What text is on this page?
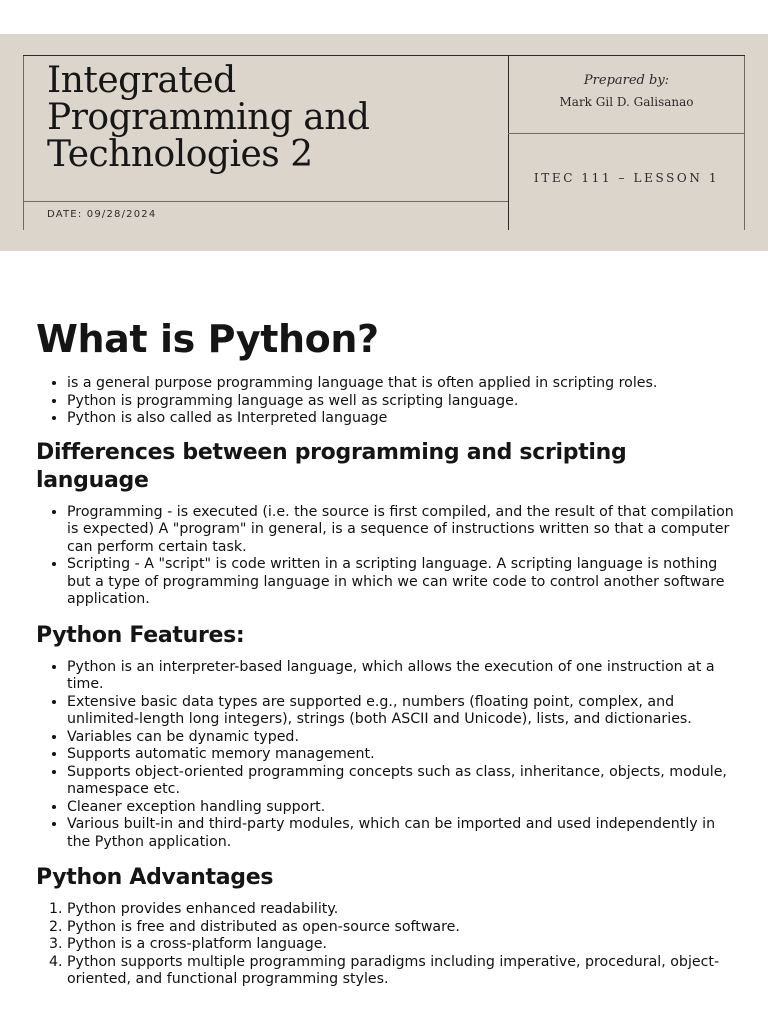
Integrated
Programming and
Technologies 2
DATE: 09/28/2024
Prepared by:
Mark Gil D. Galisanao
ITEC 111 – LESSON 1
What is Python?
• is a general purpose programming language that is often applied in scripting roles.
• Python is programming language as well as scripting language.
• Python is also called as Interpreted language
Differences between programming and scripting language
• Programming - is executed (i.e. the source is first compiled, and the result of that compilation is expected) A "program" in general, is a sequence of instructions written so that a computer can perform certain task.
• Scripting - A "script" is code written in a scripting language. A scripting language is nothing but a type of programming language in which we can write code to control another software application.
Python Features:
• Python is an interpreter-based language, which allows the execution of one instruction at a time.
• Extensive basic data types are supported e.g., numbers (floating point, complex, and unlimited-length long integers), strings (both ASCII and Unicode), lists, and dictionaries.
• Variables can be dynamic typed.
• Supports automatic memory management.
• Supports object-oriented programming concepts such as class, inheritance, objects, module, namespace etc.
• Cleaner exception handling support.
• Various built-in and third-party modules, which can be imported and used independently in the Python application.
Python Advantages
1. Python provides enhanced readability.
2. Python is free and distributed as open-source software.
3. Python is a cross-platform language.
4. Python supports multiple programming paradigms including imperative, procedural, object-oriented, and functional programming styles.
